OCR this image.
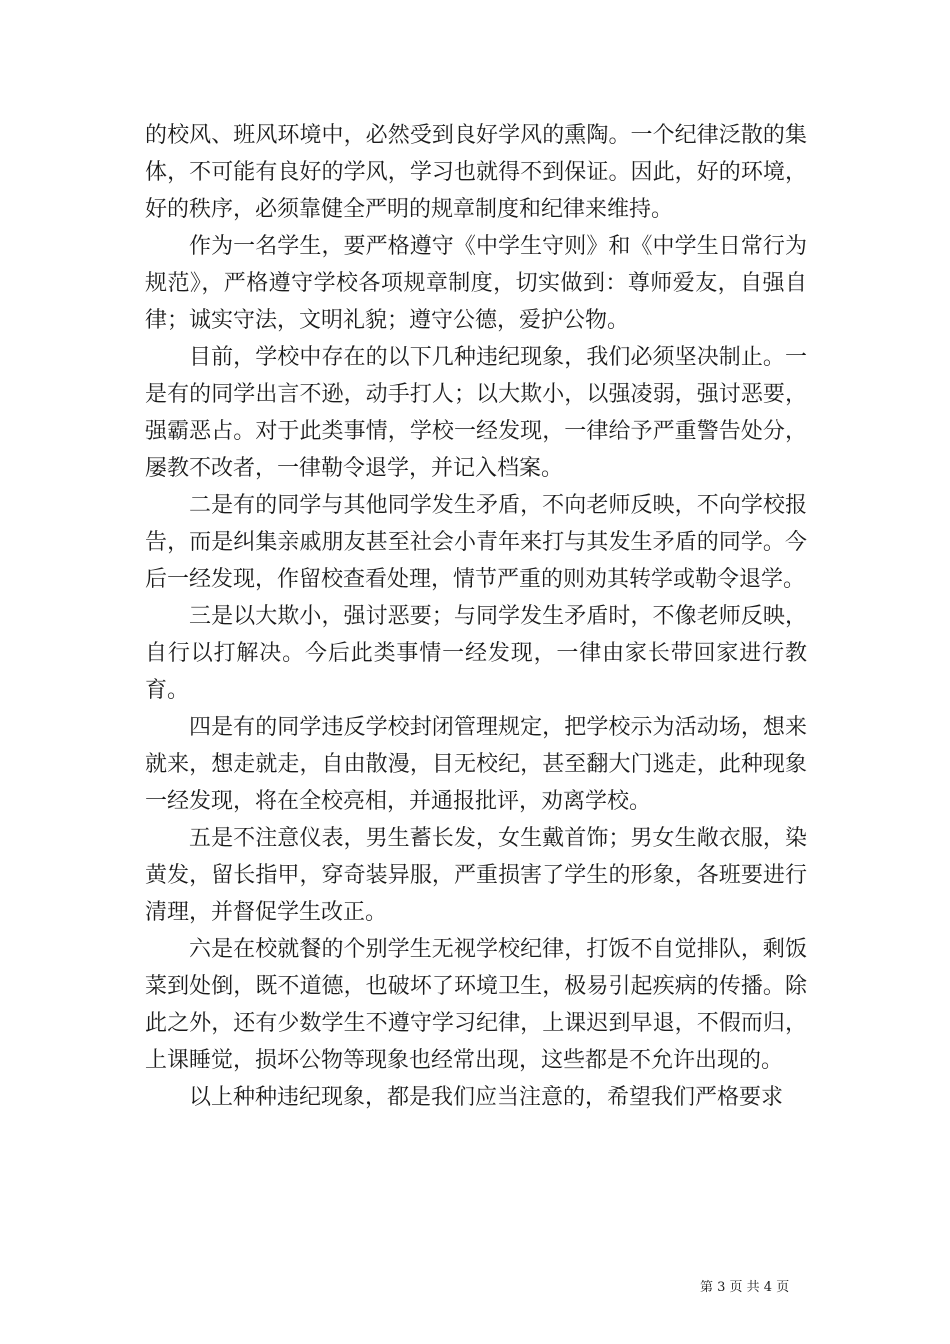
的校风、班风环境中，必然受到良好学风的熏陶。一个纪律泛散的集体，不可能有良好的学风，学习也就得不到保证。因此，好的环境，好的秩序，必须靠健全严明的规章制度和纪律来维持。

作为一名学生，要严格遵守《中学生守则》和《中学生日常行为规范》，严格遵守学校各项规章制度，切实做到：尊师爱友，自强自律；诚实守法，文明礼貌；遵守公德，爱护公物。

目前，学校中存在的以下几种违纪现象，我们必须坚决制止。一是有的同学出言不逊，动手打人；以大欺小，以强凌弱，强讨恶要，强霸恶占。对于此类事情，学校一经发现，一律给予严重警告处分，屡教不改者，一律勒令退学，并记入档案。

二是有的同学与其他同学发生矛盾，不向老师反映，不向学校报告，而是纠集亲戚朋友甚至社会小青年来打与其发生矛盾的同学。今后一经发现，作留校查看处理，情节严重的则劝其转学或勒令退学。

三是以大欺小，强讨恶要；与同学发生矛盾时，不像老师反映，自行以打解决。今后此类事情一经发现，一律由家长带回家进行教育。

四是有的同学违反学校封闭管理规定，把学校示为活动场，想来就来，想走就走，自由散漫，目无校纪，甚至翻大门逃走，此种现象一经发现，将在全校亮相，并通报批评，劝离学校。

五是不注意仪表，男生蓄长发，女生戴首饰；男女生敞衣服，染黄发，留长指甲，穿奇装异服，严重损害了学生的形象，各班要进行清理，并督促学生改正。

六是在校就餐的个别学生无视学校纪律，打饭不自觉排队，剩饭菜到处倒，既不道德，也破坏了环境卫生，极易引起疾病的传播。除此之外，还有少数学生不遵守学习纪律，上课迟到早退，不假而归，上课睡觉，损坏公物等现象也经常出现，这些都是不允许出现的。

以上种种违纪现象，都是我们应当注意的，希望我们严格要求

第 3 页 共 4 页
